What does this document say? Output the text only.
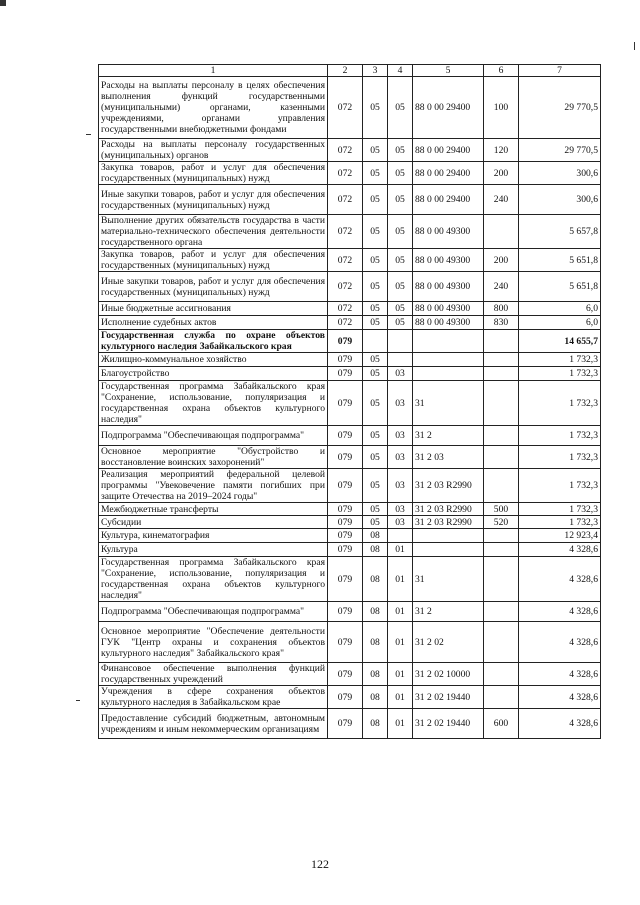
1	2	3	4	5	6	7
Расходы на выплаты персоналу в целях обеспечения выполнения функций государственными (муниципальными) органами, казенными учреждениями, органами управления государственными внебюджетными фондами	072	05	05	88 0 00 29400	100	29 770,5
Расходы на выплаты персоналу государственных (муниципальных) органов	072	05	05	88 0 00 29400	120	29 770,5
Закупка товаров, работ и услуг для обеспечения государственных (муниципальных) нужд	072	05	05	88 0 00 29400	200	300,6
Иные закупки товаров, работ и услуг для обеспечения государственных (муниципальных) нужд	072	05	05	88 0 00 29400	240	300,6
Выполнение других обязательств государства в части материально-технического обеспечения деятельности государственного органа	072	05	05	88 0 00 49300		5 657,8
Закупка товаров, работ и услуг для обеспечения государственных (муниципальных) нужд	072	05	05	88 0 00 49300	200	5 651,8
Иные закупки товаров, работ и услуг для обеспечения государственных (муниципальных) нужд	072	05	05	88 0 00 49300	240	5 651,8
Иные бюджетные ассигнования	072	05	05	88 0 00 49300	800	6,0
Исполнение судебных актов	072	05	05	88 0 00 49300	830	6,0
Государственная служба по охране объектов культурного наследия Забайкальского края	079					14 655,7
Жилищно-коммунальное хозяйство	079	05				1 732,3
Благоустройство	079	05	03			1 732,3
Государственная программа Забайкальского края "Сохранение, использование, популяризация и государственная охрана объектов культурного наследия"	079	05	03	31		1 732,3
Подпрограмма "Обеспечивающая подпрограмма"	079	05	03	31 2		1 732,3
Основное мероприятие "Обустройство и восстановление воинских захоронений"	079	05	03	31 2 03		1 732,3
Реализация мероприятий федеральной целевой программы "Увековечение памяти погибших при защите Отечества на 2019–2024 годы"	079	05	03	31 2 03 R2990		1 732,3
Межбюджетные трансферты	079	05	03	31 2 03 R2990	500	1 732,3
Субсидии	079	05	03	31 2 03 R2990	520	1 732,3
Культура, кинематография	079	08				12 923,4
Культура	079	08	01			4 328,6
Государственная программа Забайкальского края "Сохранение, использование, популяризация и государственная охрана объектов культурного наследия"	079	08	01	31		4 328,6
Подпрограмма "Обеспечивающая подпрограмма"	079	08	01	31 2		4 328,6
Основное мероприятие "Обеспечение деятельности ГУК "Центр охраны и сохранения объектов культурного наследия" Забайкальского края"	079	08	01	31 2 02		4 328,6
Финансовое обеспечение выполнения функций государственных учреждений	079	08	01	31 2 02 10000		4 328,6
Учреждения в сфере сохранения объектов культурного наследия в Забайкальском крае	079	08	01	31 2 02 19440		4 328,6
Предоставление субсидий бюджетным, автономным учреждениям и иным некоммерческим организациям	079	08	01	31 2 02 19440	600	4 328,6
122
